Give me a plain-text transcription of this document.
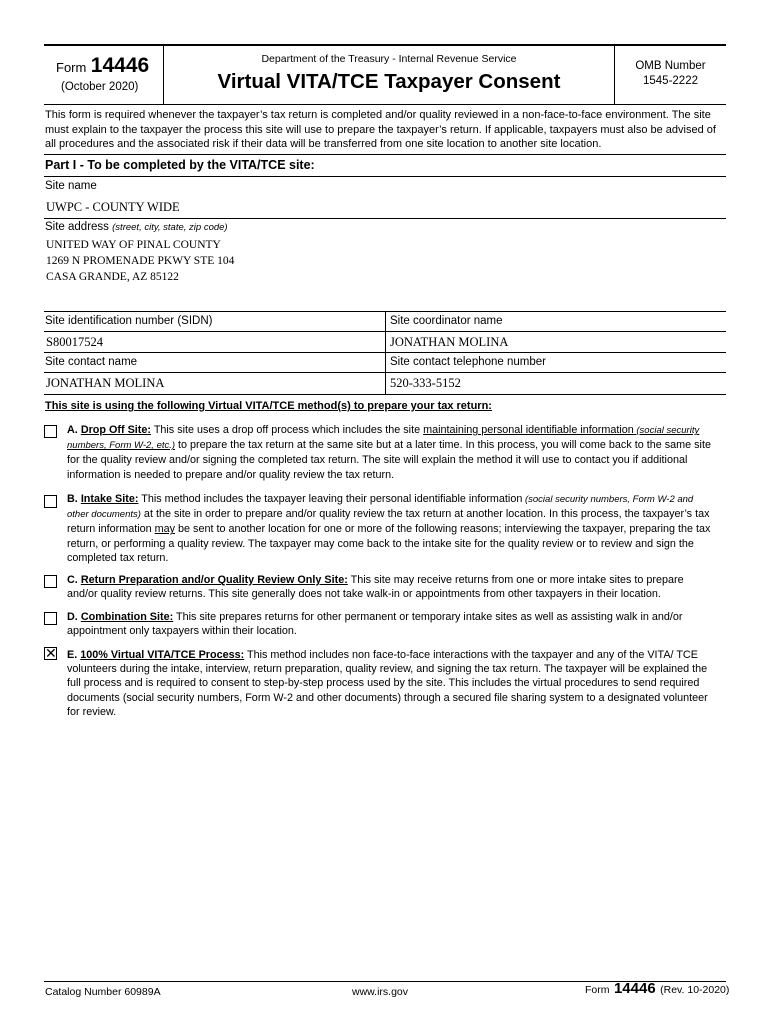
Form 14446
(October 2020)
Department of the Treasury - Internal Revenue Service
Virtual VITA/TCE Taxpayer Consent
OMB Number
1545-2222
This form is required whenever the taxpayer’s tax return is completed and/or quality reviewed in a non-face-to-face environment. The site must explain to the taxpayer the process this site will use to prepare the taxpayer’s return. If applicable, taxpayers must also be advised of all procedures and the associated risk if their data will be transferred from one site location to another site location.
Part I - To be completed by the VITA/TCE site:
Site name
UWPC - COUNTY WIDE
Site address (street, city, state, zip code)
UNITED WAY OF PINAL COUNTY
1269 N PROMENADE PKWY STE 104
CASA GRANDE, AZ 85122
Site identification number (SIDN)	Site coordinator name
S80017524	JONATHAN MOLINA
Site contact name	Site contact telephone number
JONATHAN MOLINA	520-333-5152
This site is using the following Virtual VITA/TCE method(s) to prepare your tax return:
A. Drop Off Site: This site uses a drop off process which includes the site maintaining personal identifiable information (social security numbers, Form W-2, etc.) to prepare the tax return at the same site but at a later time. In this process, you will come back to the same site for the quality review and/or signing the completed tax return. The site will explain the method it will use to contact you if additional information is needed to prepare and/or quality review the tax return.
B. Intake Site: This method includes the taxpayer leaving their personal identifiable information (social security numbers, Form W-2 and other documents) at the site in order to prepare and/or quality review the tax return at another location. In this process, the taxpayer’s tax return information may be sent to another location for one or more of the following reasons; interviewing the taxpayer, preparing the tax return, or performing a quality review. The taxpayer may come back to the intake site for the quality review or to review and sign the completed tax return.
C. Return Preparation and/or Quality Review Only Site: This site may receive returns from one or more intake sites to prepare and/or quality review returns. This site generally does not take walk-in or appointments from other taxpayers in their location.
D. Combination Site: This site prepares returns for other permanent or temporary intake sites as well as assisting walk in and/or appointment only taxpayers within their location.
✕ E. 100% Virtual VITA/TCE Process: This method includes non face-to-face interactions with the taxpayer and any of the VITA/ TCE volunteers during the intake, interview, return preparation, quality review, and signing the tax return. The taxpayer will be explained the full process and is required to consent to step-by-step process used by the site. This includes the virtual procedures to send required documents (social security numbers, Form W-2 and other documents) through a secured file sharing system to a designated volunteer for review.
Catalog Number 60989A	www.irs.gov	Form 14446 (Rev. 10-2020)
